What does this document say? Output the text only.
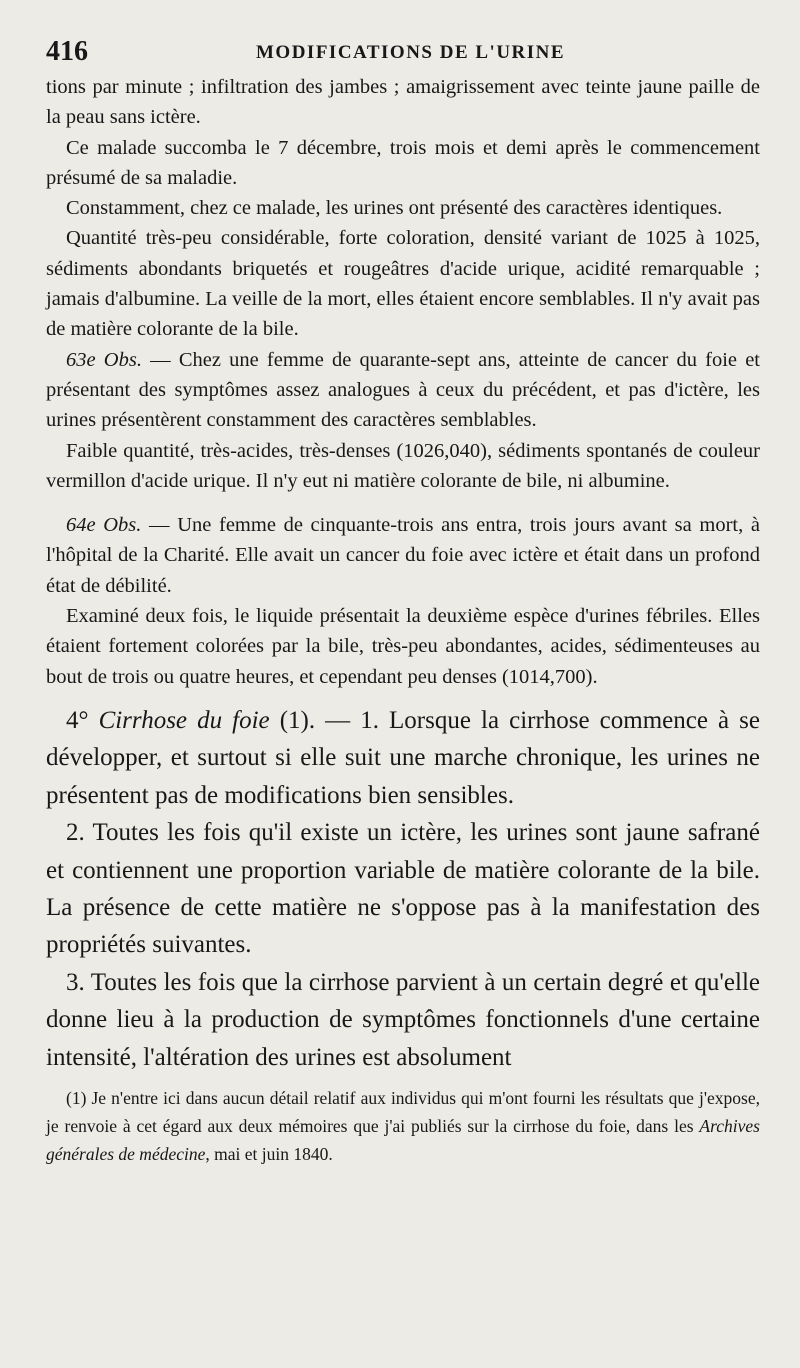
416	MODIFICATIONS DE L'URINE

tions par minute ; infiltration des jambes ; amaigrissement avec teinte jaune paille de la peau sans ictère.

Ce malade succomba le 7 décembre, trois mois et demi après le commencement présumé de sa maladie.

Constamment, chez ce malade, les urines ont présenté des caractères identiques.

Quantité très-peu considérable, forte coloration, densité variant de 1025 à 1025, sédiments abondants briquetés et rougeâtres d'acide urique, acidité remarquable ; jamais d'albumine. La veille de la mort, elles étaient encore semblables. Il n'y avait pas de matière colorante de la bile.

63e Obs. — Chez une femme de quarante-sept ans, atteinte de cancer du foie et présentant des symptômes assez analogues à ceux du précédent, et pas d'ictère, les urines présentèrent constamment des caractères semblables.

Faible quantité, très-acides, très-denses (1026,040), sédiments spontanés de couleur vermillon d'acide urique. Il n'y eut ni matière colorante de bile, ni albumine.

64e Obs. — Une femme de cinquante-trois ans entra, trois jours avant sa mort, à l'hôpital de la Charité. Elle avait un cancer du foie avec ictère et était dans un profond état de débilité.

Examiné deux fois, le liquide présentait la deuxième espèce d'urines fébriles. Elles étaient fortement colorées par la bile, très-peu abondantes, acides, sédimenteuses au bout de trois ou quatre heures, et cependant peu denses (1014,700).

4° Cirrhose du foie (1). — 1. Lorsque la cirrhose commence à se développer, et surtout si elle suit une marche chronique, les urines ne présentent pas de modifications bien sensibles.

2. Toutes les fois qu'il existe un ictère, les urines sont jaune safrané et contiennent une proportion variable de matière colorante de la bile. La présence de cette matière ne s'oppose pas à la manifestation des propriétés suivantes.

3. Toutes les fois que la cirrhose parvient à un certain degré et qu'elle donne lieu à la production de symptômes fonctionnels d'une certaine intensité, l'altération des urines est absolument

(1) Je n'entre ici dans aucun détail relatif aux individus qui m'ont fourni les résultats que j'expose, je renvoie à cet égard aux deux mémoires que j'ai publiés sur la cirrhose du foie, dans les Archives générales de médecine, mai et juin 1840.
